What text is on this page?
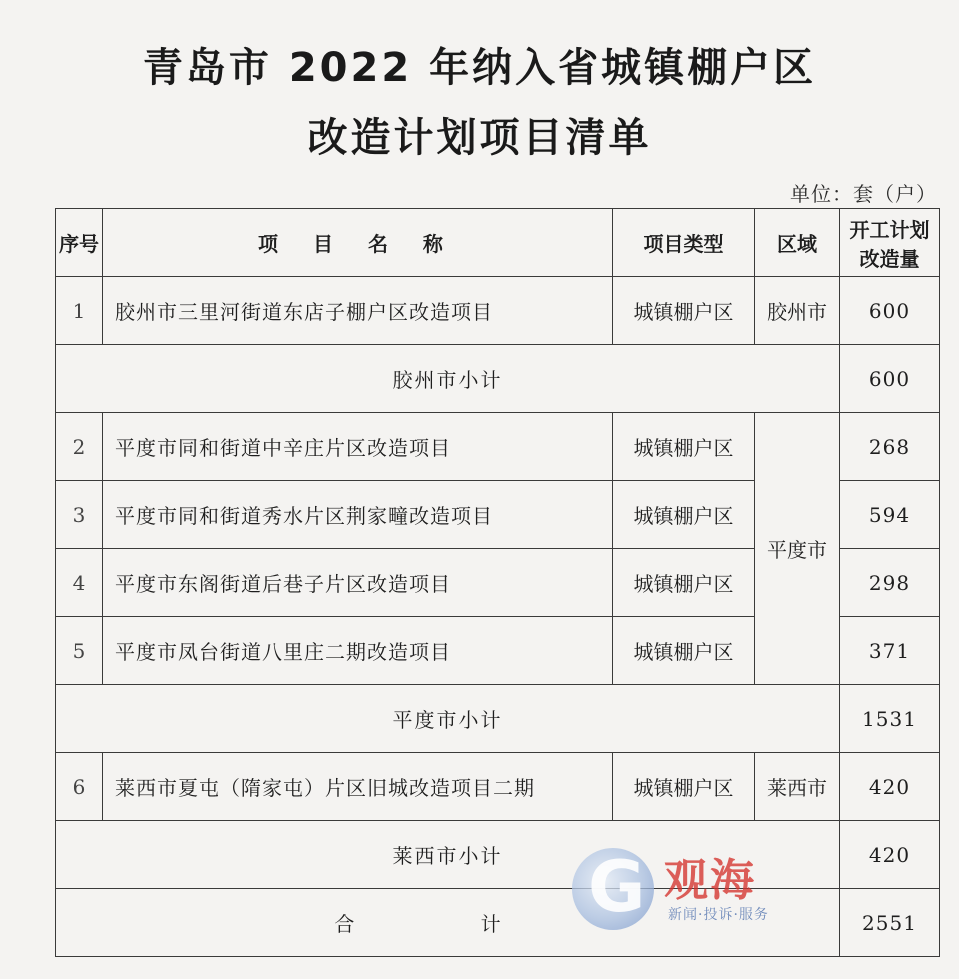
青岛市 2022 年纳入省城镇棚户区
改造计划项目清单
单位：套（户）
序号	项 目 名 称	项目类型	区域	开工计划改造量
1	胶州市三里河街道东店子棚户区改造项目	城镇棚户区	胶州市	600
胶州市小计				600
2	平度市同和街道中辛庄片区改造项目	城镇棚户区	平度市	268
3	平度市同和街道秀水片区荆家疃改造项目	城镇棚户区		594
4	平度市东阁街道后巷子片区改造项目	城镇棚户区		298
5	平度市凤台街道八里庄二期改造项目	城镇棚户区		371
平度市小计				1531
6	莱西市夏屯（隋家屯）片区旧城改造项目二期	城镇棚户区	莱西市	420
莱西市小计				420
合 计				2551
G 观海
新闻·投诉·服务
